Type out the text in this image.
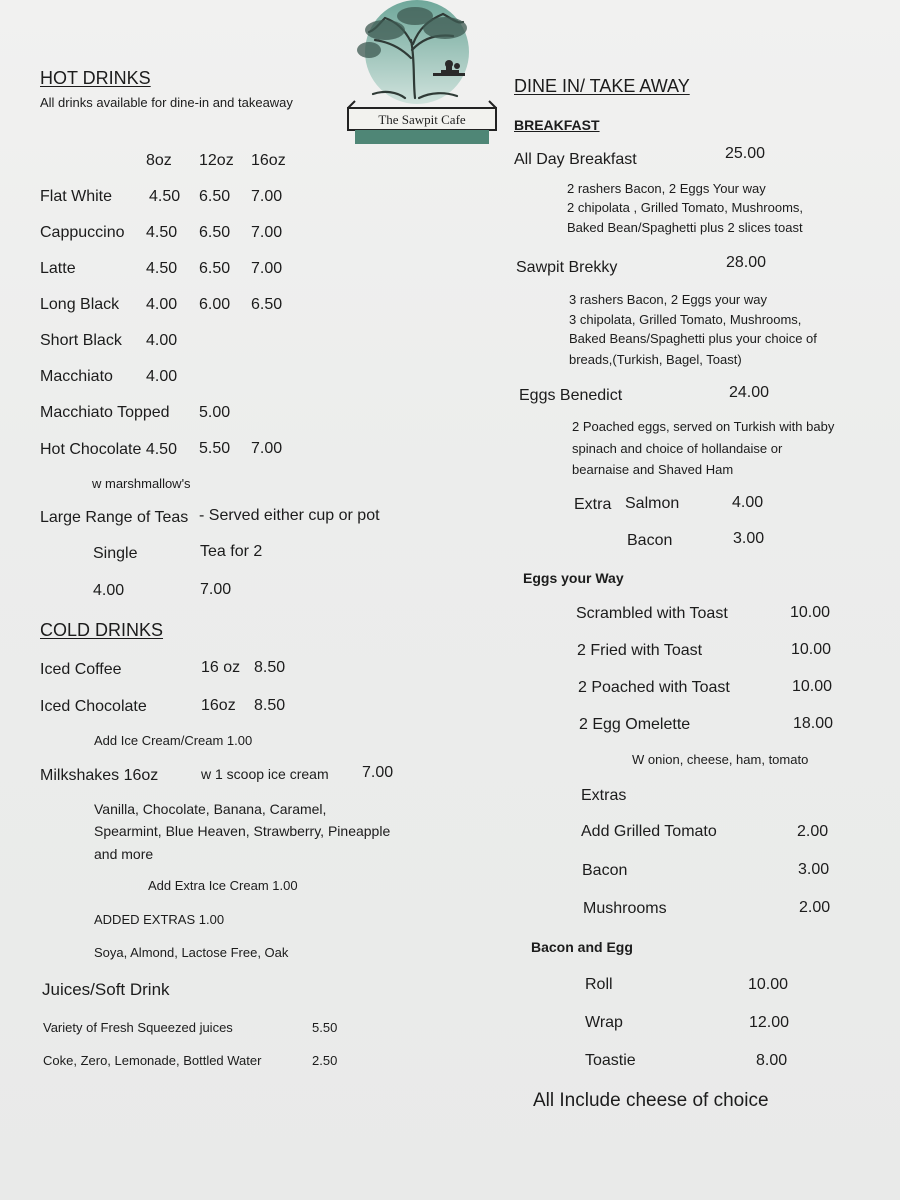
The Sawpit Cafe
HOT DRINKS
All drinks available for dine-in and takeaway
8oz 12oz 16oz
Flat White 4.50 6.50 7.00
Cappuccino 4.50 6.50 7.00
Latte	4.50 6.50 7.00
Long Black 4.00 6.00 6.50
Short Black 4.00
Macchiato 4.00
Macchiato Topped 5.00
Hot Chocolate 4.50 5.50 7.00
w marshmallow's
Large Range of Teas - Served either cup or pot
Single	Tea for 2
4.00	7.00
COLD DRINKS
Iced Coffee	16 oz 8.50
Iced Chocolate	16oz 8.50
Add Ice Cream/Cream 1.00
Milkshakes 16oz	w 1 scoop ice cream 7.00
Vanilla, Chocolate, Banana, Caramel,
Spearmint, Blue Heaven, Strawberry, Pineapple
and more
Add Extra Ice Cream 1.00
ADDED EXTRAS 1.00
Soya, Almond, Lactose Free, Oak
Juices/Soft Drink
Variety of Fresh Squeezed juices	5.50
Coke, Zero, Lemonade, Bottled Water	2.50
DINE IN/ TAKE AWAY
BREAKFAST
All Day Breakfast	25.00
2 rashers Bacon, 2 Eggs Your way
2 chipolata , Grilled Tomato, Mushrooms,
Baked Bean/Spaghetti plus 2 slices toast
Sawpit Brekky	28.00
3 rashers Bacon, 2 Eggs your way
3 chipolata, Grilled Tomato, Mushrooms,
Baked Beans/Spaghetti plus your choice of
breads,(Turkish, Bagel, Toast)
Eggs Benedict	24.00
2 Poached eggs, served on Turkish with baby
spinach and choice of hollandaise or
bearnaise and Shaved Ham
Extra Salmon	4.00
Bacon	3.00
Eggs your Way
Scrambled with Toast	10.00
2 Fried with Toast	10.00
2 Poached with Toast	10.00
2 Egg Omelette	18.00
W onion, cheese, ham, tomato
Extras
Add Grilled Tomato	2.00
Bacon	3.00
Mushrooms	2.00
Bacon and Egg
Roll	10.00
Wrap	12.00
Toastie	8.00
All Include cheese of choice
